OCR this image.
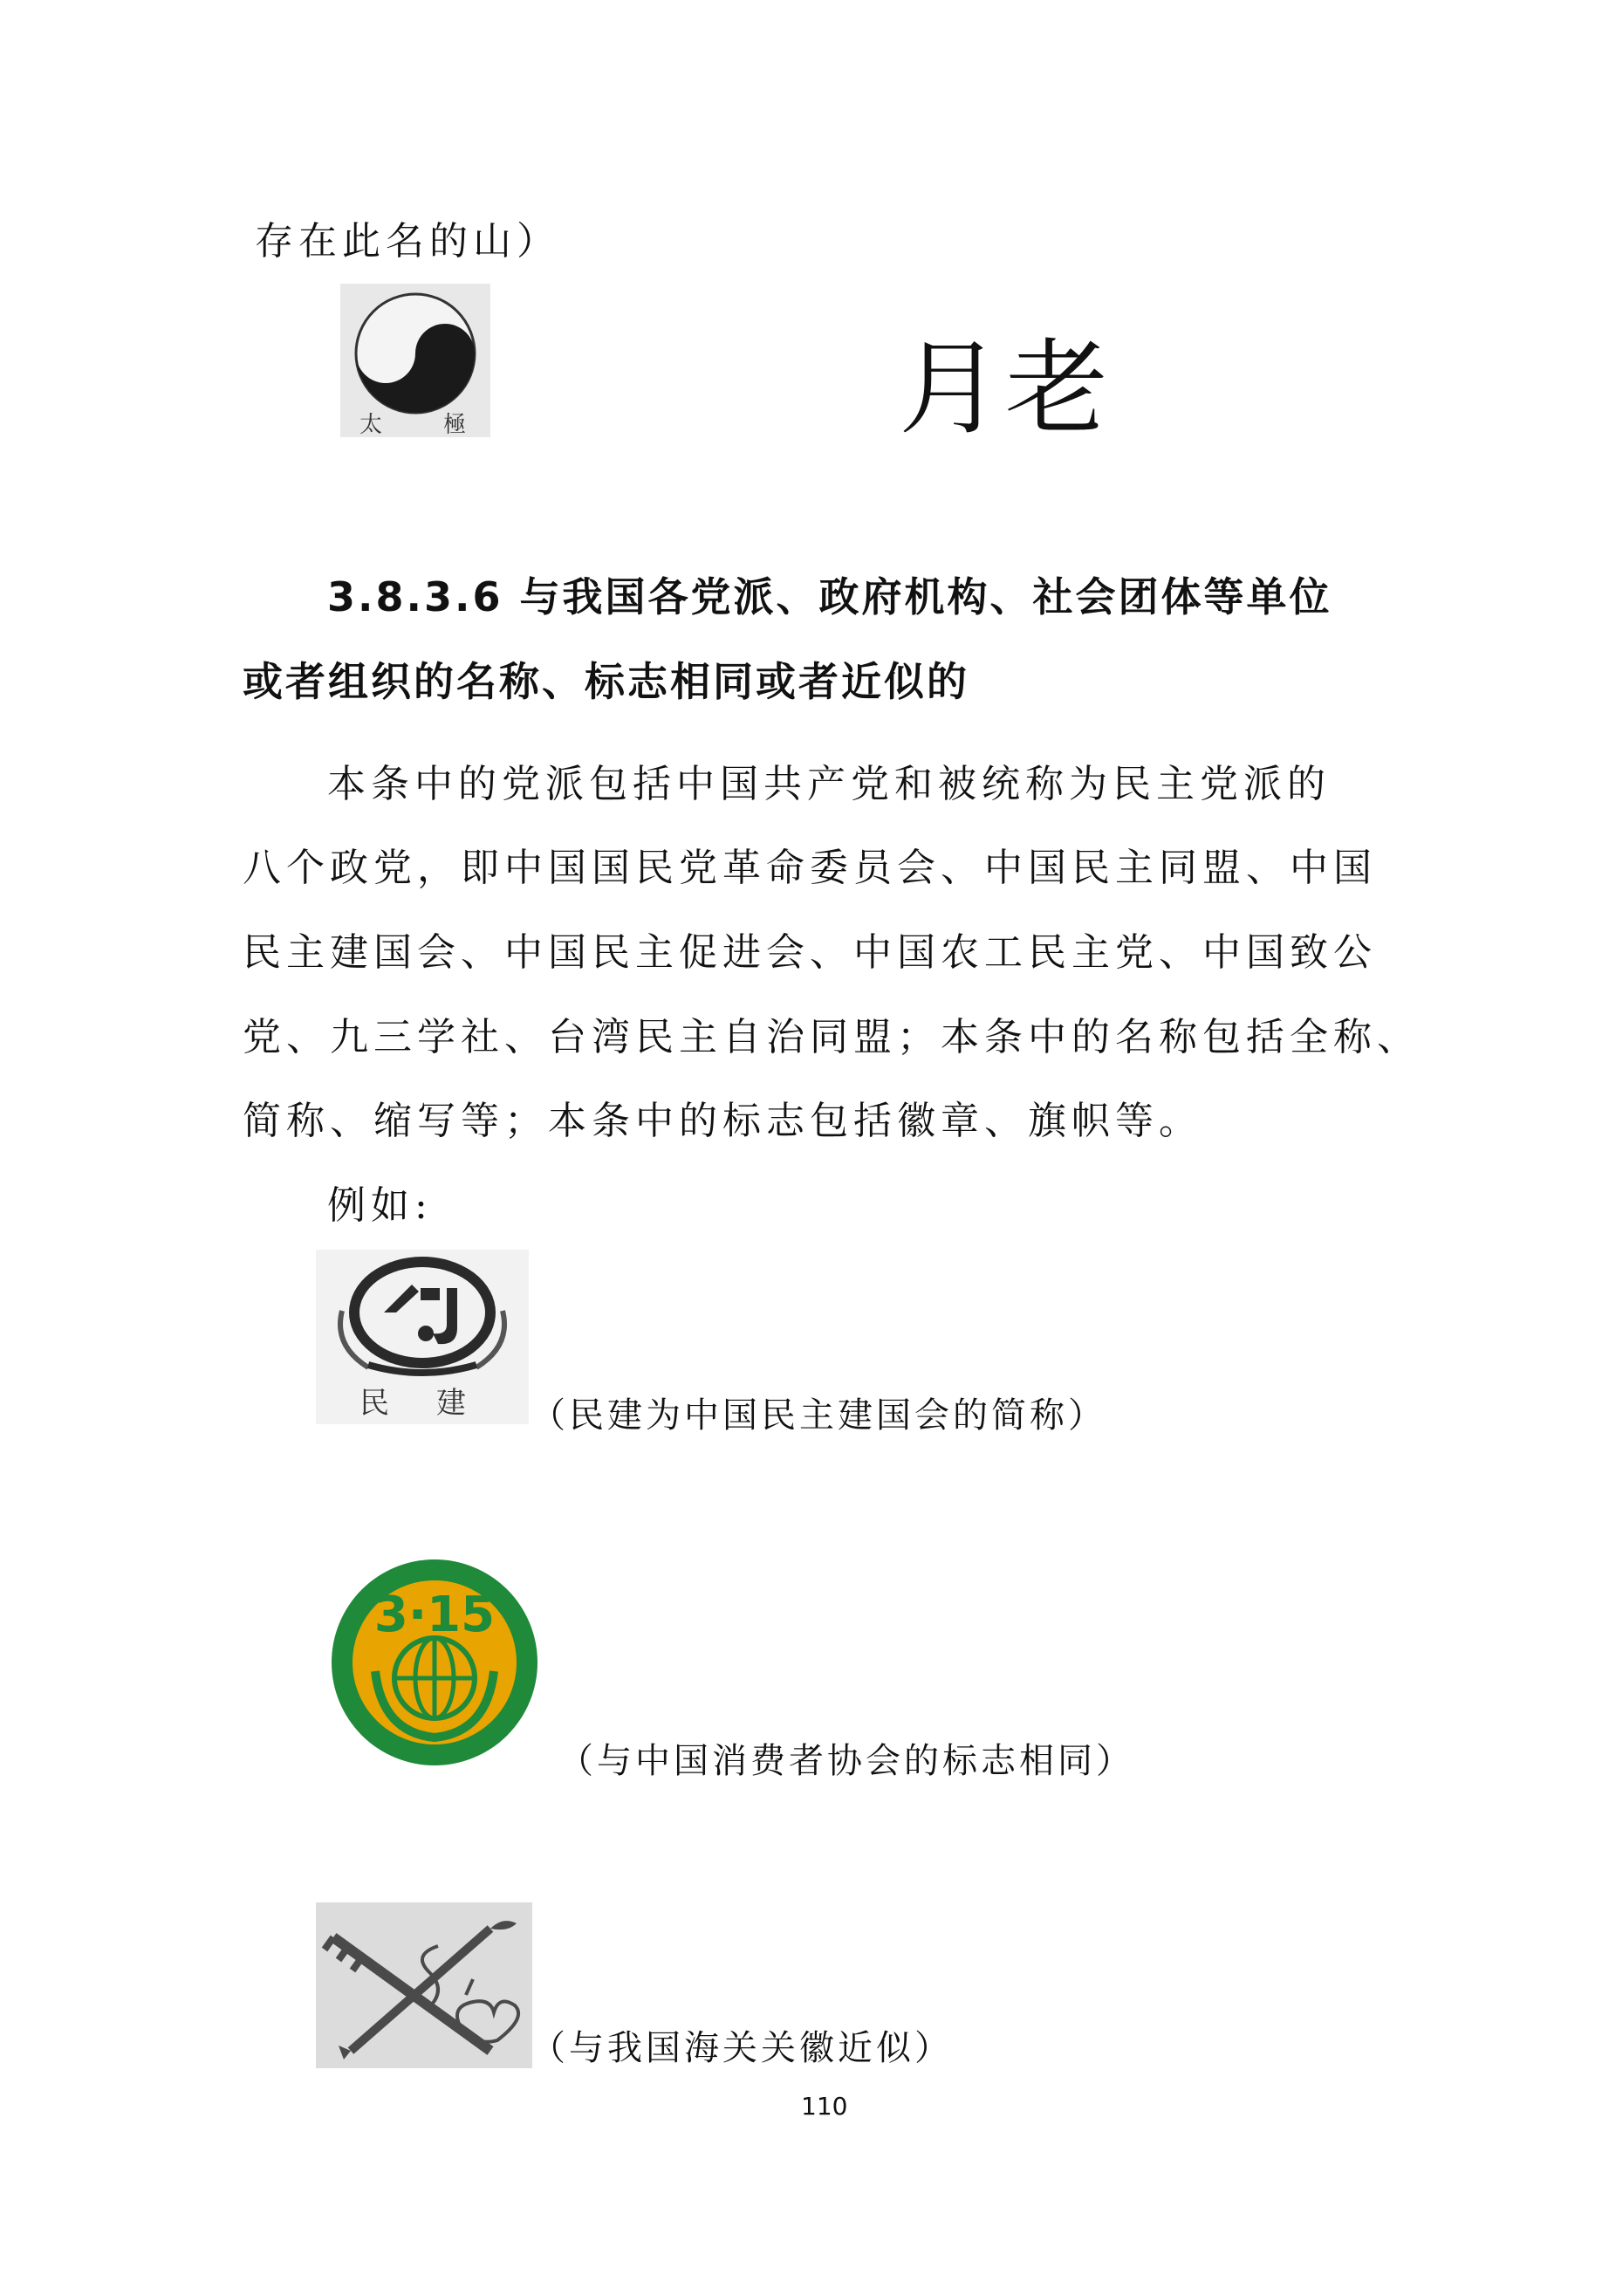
存在此名的山）
太	極	月老
3.8.3.6 与我国各党派、政府机构、社会团体等单位
或者组织的名称、标志相同或者近似的
本条中的党派包括中国共产党和被统称为民主党派的
八个政党，即中国国民党革命委员会、中国民主同盟、中国
民主建国会、中国民主促进会、中国农工民主党、中国致公
党、九三学社、台湾民主自治同盟；本条中的名称包括全称、
简称、缩写等；本条中的标志包括徽章、旗帜等。
例如:
民　建 （民建为中国民主建国会的简称）
3·15
（与中国消费者协会的标志相同）
（与我国海关关徽近似）
110
